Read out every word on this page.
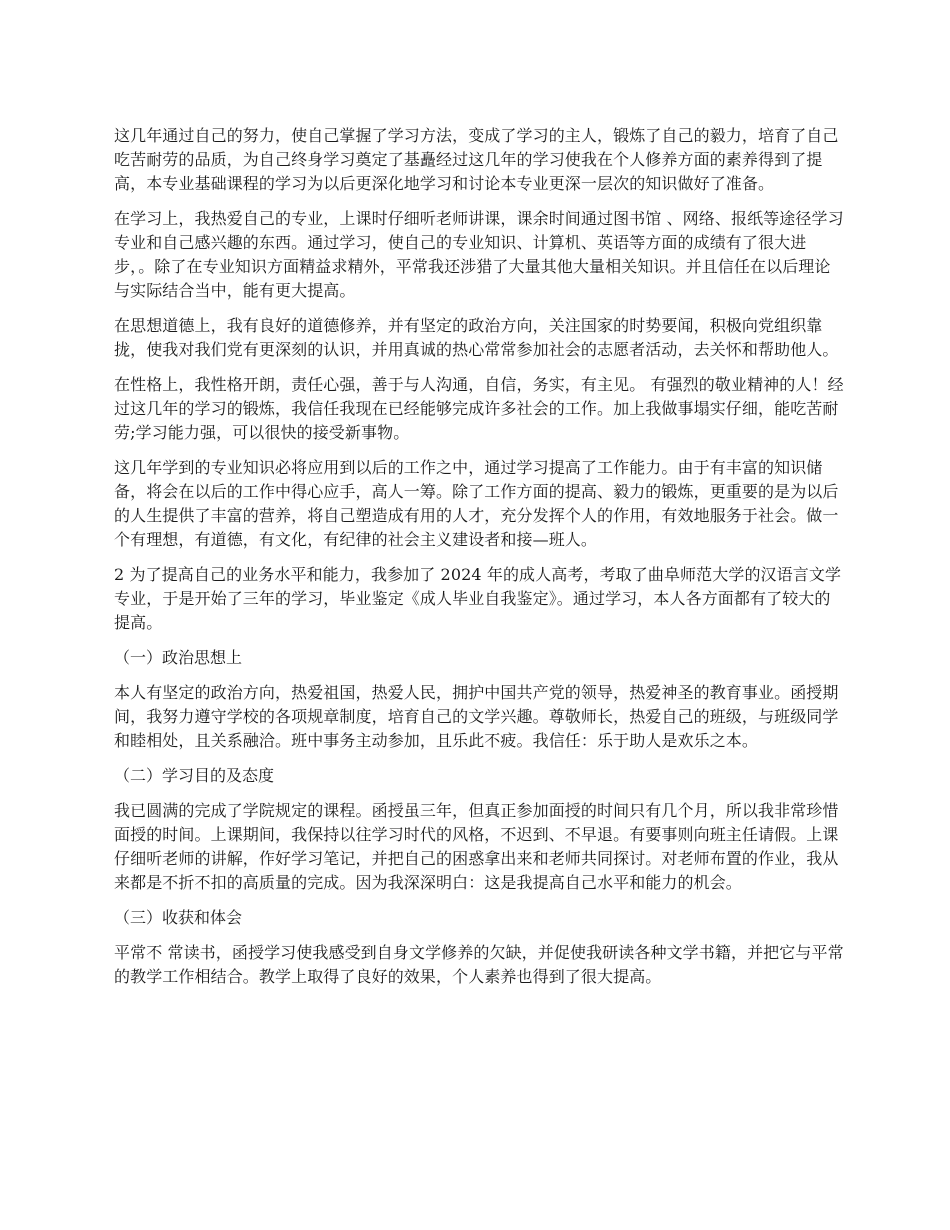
这几年通过自己的努力，使自己掌握了学习方法，变成了学习的主人，锻炼了自己的毅力，培育了自己吃苦耐劳的品质，为自己终身学习奠定了基矗经过这几年的学习使我在个人修养方面的素养得到了提高，本专业基础课程的学习为以后更深化地学习和讨论本专业更深一层次的知识做好了准备。

在学习上，我热爱自己的专业，上课时仔细听老师讲课，课余时间通过图书馆 、网络、报纸等途径学习专业和自己感兴趣的东西。通过学习，使自己的专业知识、计算机、英语等方面的成绩有了很大进步，。除了在专业知识方面精益求精外，平常我还涉猎了大量其他大量相关知识。并且信任在以后理论与实际结合当中，能有更大提高。

在思想道德上，我有良好的道德修养，并有坚定的政治方向，关注国家的时势要闻，积极向党组织靠拢，使我对我们党有更深刻的认识，并用真诚的热心常常参加社会的志愿者活动，去关怀和帮助他人。

在性格上，我性格开朗，责任心强，善于与人沟通，自信，务实，有主见。 有强烈的敬业精神的人！经过这几年的学习的锻炼，我信任我现在已经能够完成许多社会的工作。加上我做事塌实仔细，能吃苦耐劳;学习能力强，可以很快的接受新事物。

这几年学到的专业知识必将应用到以后的工作之中，通过学习提高了工作能力。由于有丰富的知识储备，将会在以后的工作中得心应手，高人一筹。除了工作方面的提高、毅力的锻炼，更重要的是为以后的人生提供了丰富的营养，将自己塑造成有用的人才，充分发挥个人的作用，有效地服务于社会。做一个有理想，有道德，有文化，有纪律的社会主义建设者和接—班人。

2 为了提高自己的业务水平和能力，我参加了 2024 年的成人高考，考取了曲阜师范大学的汉语言文学专业，于是开始了三年的学习，毕业鉴定《成人毕业自我鉴定》。通过学习，本人各方面都有了较大的提高。

（一）政治思想上

本人有坚定的政治方向，热爱祖国，热爱人民，拥护中国共产党的领导，热爱神圣的教育事业。函授期间，我努力遵守学校的各项规章制度，培育自己的文学兴趣。尊敬师长，热爱自己的班级，与班级同学和睦相处，且关系融洽。班中事务主动参加，且乐此不疲。我信任：乐于助人是欢乐之本。

（二）学习目的及态度

我已圆满的完成了学院规定的课程。函授虽三年，但真正参加面授的时间只有几个月，所以我非常珍惜面授的时间。上课期间，我保持以往学习时代的风格，不迟到、不早退。有要事则向班主任请假。上课仔细听老师的讲解，作好学习笔记，并把自己的困惑拿出来和老师共同探讨。对老师布置的作业，我从来都是不折不扣的高质量的完成。因为我深深明白：这是我提高自己水平和能力的机会。

（三）收获和体会

平常不 常读书，函授学习使我感受到自身文学修养的欠缺，并促使我研读各种文学书籍，并把它与平常的教学工作相结合。教学上取得了良好的效果，个人素养也得到了很大提高。
